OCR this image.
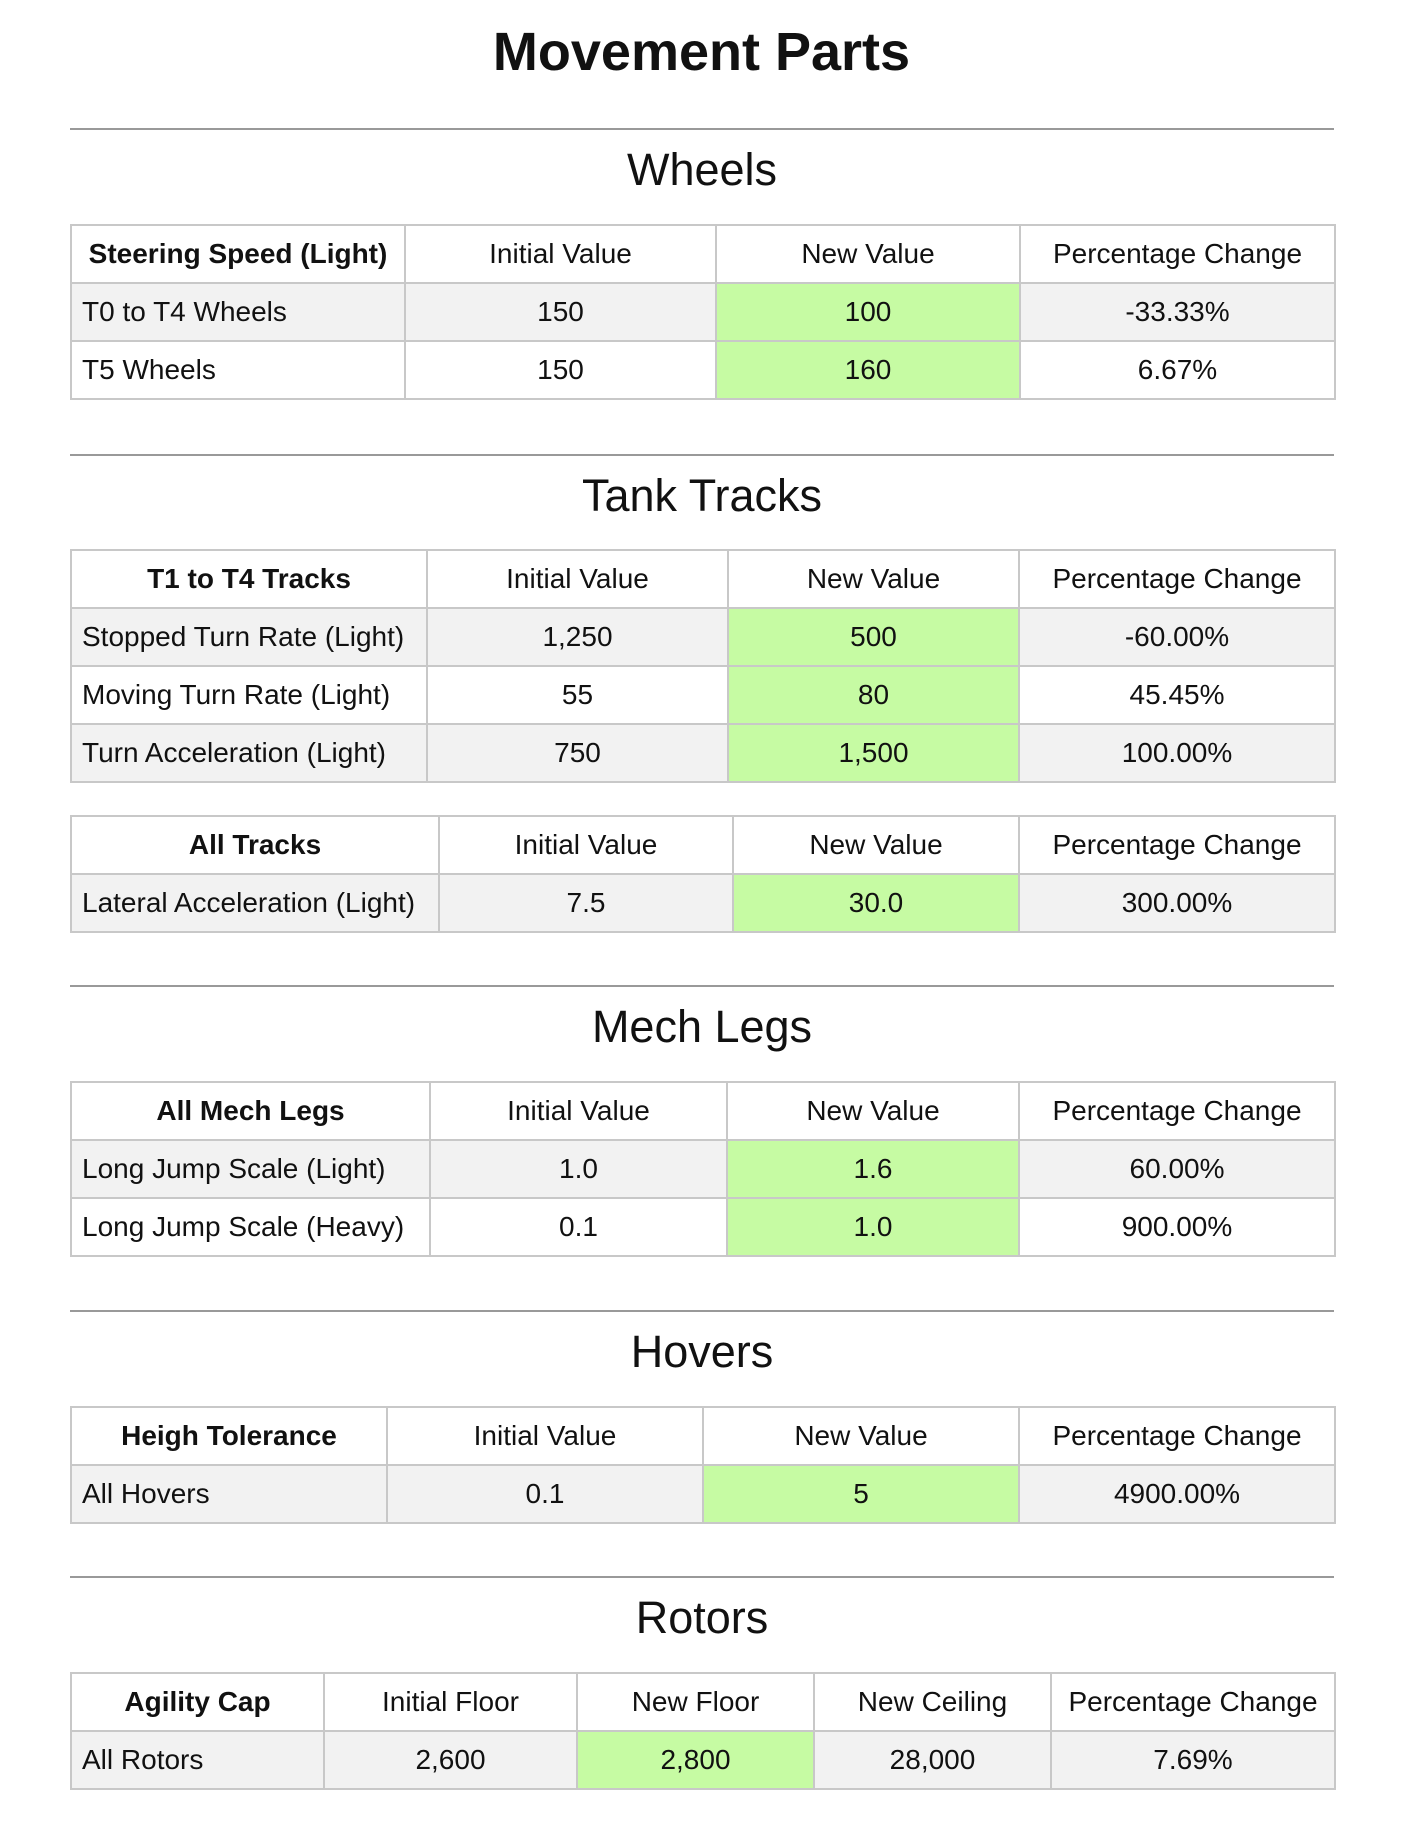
Movement Parts
Wheels
Steering Speed (Light)	Initial Value	New Value	Percentage Change
T0 to T4 Wheels	150	100	-33.33%
T5 Wheels	150	160	6.67%
Tank Tracks
T1 to T4 Tracks	Initial Value	New Value	Percentage Change
Stopped Turn Rate (Light)	1,250	500	-60.00%
Moving Turn Rate (Light)	55	80	45.45%
Turn Acceleration (Light)	750	1,500	100.00%
All Tracks	Initial Value	New Value	Percentage Change
Lateral Acceleration (Light)	7.5	30.0	300.00%
Mech Legs
All Mech Legs	Initial Value	New Value	Percentage Change
Long Jump Scale (Light)	1.0	1.6	60.00%
Long Jump Scale (Heavy)	0.1	1.0	900.00%
Hovers
Heigh Tolerance	Initial Value	New Value	Percentage Change
All Hovers	0.1	5	4900.00%
Rotors
Agility Cap	Initial Floor	New Floor	New Ceiling	Percentage Change
All Rotors	2,600	2,800	28,000	7.69%
